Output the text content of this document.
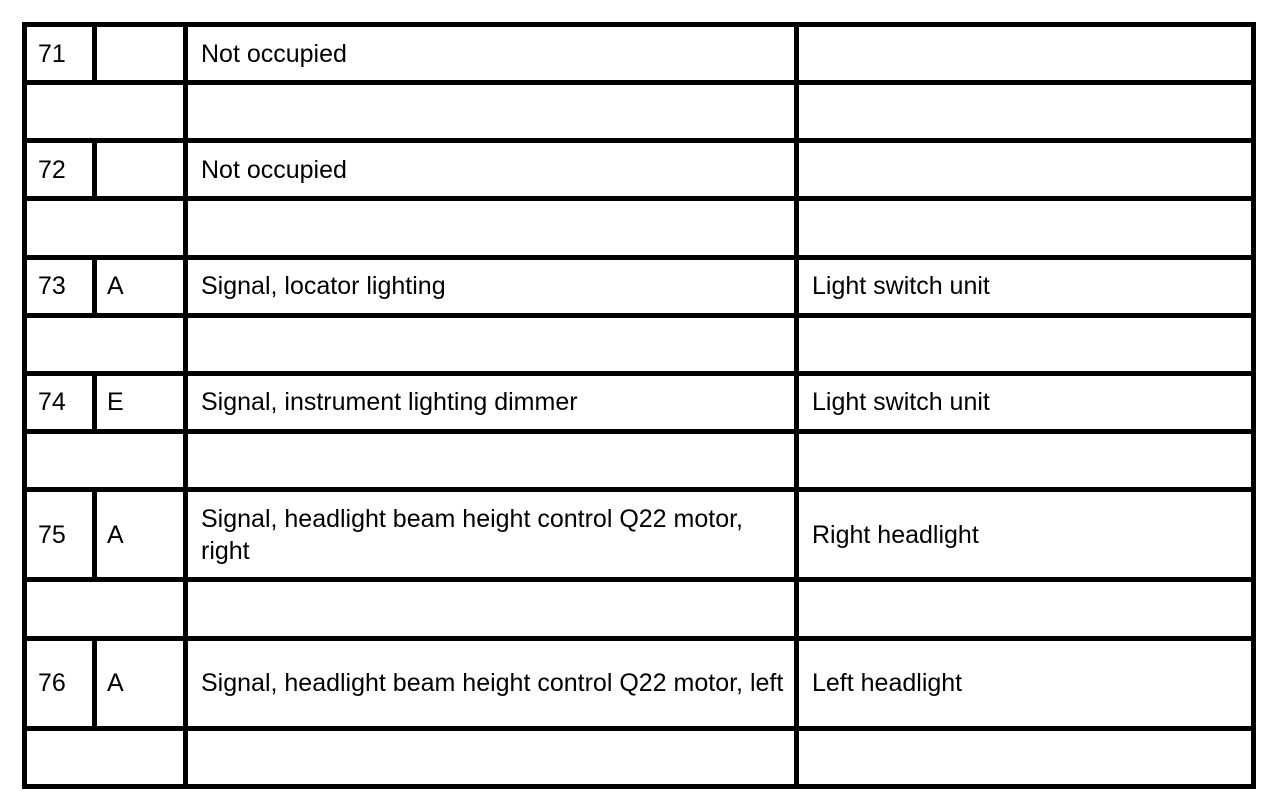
71		Not occupied	

72		Not occupied	

73	A	Signal, locator lighting	Light switch unit

74	E	Signal, instrument lighting dimmer	Light switch unit

75	A	Signal, headlight beam height control Q22 motor, right	Right headlight

76	A	Signal, headlight beam height control Q22 motor, left	Left headlight
